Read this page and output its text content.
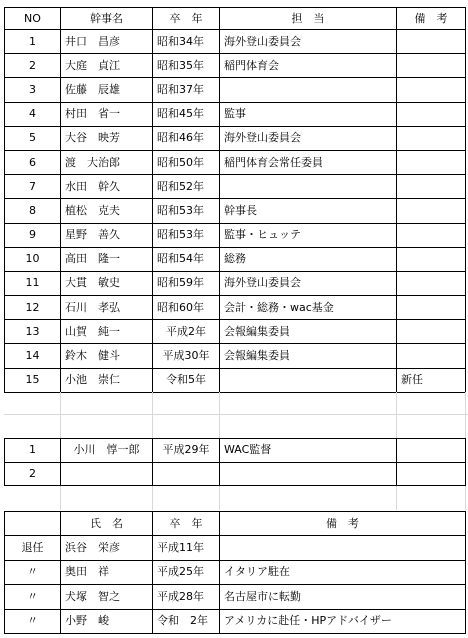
NO	幹事名	卒　年	担　当	備　考
1	井口　昌彦	昭和34年	海外登山委員会	
2	大庭　貞江	昭和35年	稲門体育会	
3	佐藤　辰雄	昭和37年		
4	村田　省一	昭和45年	監事	
5	大谷　映芳	昭和46年	海外登山委員会	
6	渡　大治郎	昭和50年	稲門体育会常任委員	
7	水田　幹久	昭和52年		
8	植松　克夫	昭和53年	幹事長	
9	星野　善久	昭和53年	監事・ヒュッテ	
10	高田　隆一	昭和54年	総務	
11	大貫　敏史	昭和59年	海外登山委員会	
12	石川　孝弘	昭和60年	会計・総務・wac基金	
13	山賀　純一	平成2年	会報編集委員	
14	鈴木　健斗	平成30年	会報編集委員	
15	小池　崇仁	令和5年		新任
1	小川　惇一郎	平成29年	WAC監督	
2				
	氏　名	卒　年	備　考
退任	浜谷　栄彦	平成11年	
〃	奥田　祥	平成25年	イタリア駐在
〃	犬塚　智之	平成28年	名古屋市に転勤
〃	小野　峻	令和　2年	アメリカに赴任・HPアドバイザー
